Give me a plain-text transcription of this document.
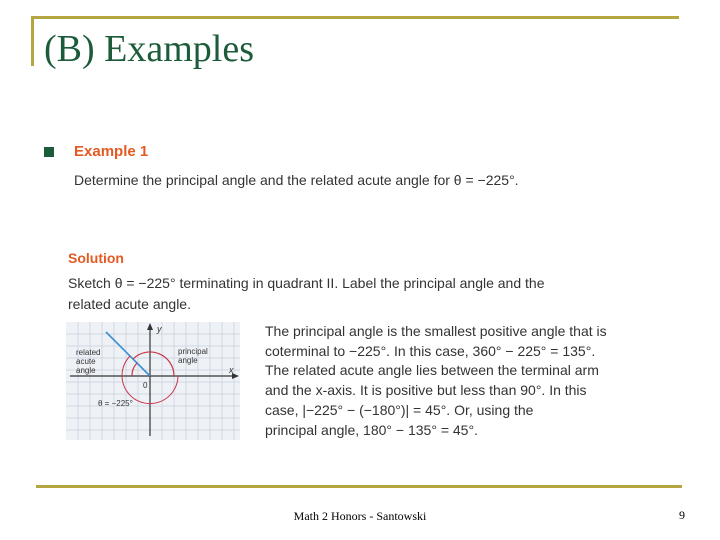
(B) Examples
Example 1
Determine the principal angle and the related acute angle for θ = −225°.
Solution
Sketch θ = −225° terminating in quadrant II. Label the principal angle and the
related acute angle.
y
x
0
related
acute
angle
principal
angle
θ = −225°
The principal angle is the smallest positive angle that is
coterminal to −225°. In this case, 360° − 225° = 135°.
The related acute angle lies between the terminal arm
and the x-axis. It is positive but less than 90°. In this
case, |−225° − (−180°)| = 45°. Or, using the
principal angle, 180° − 135° = 45°.
Math 2 Honors - Santowski	9
